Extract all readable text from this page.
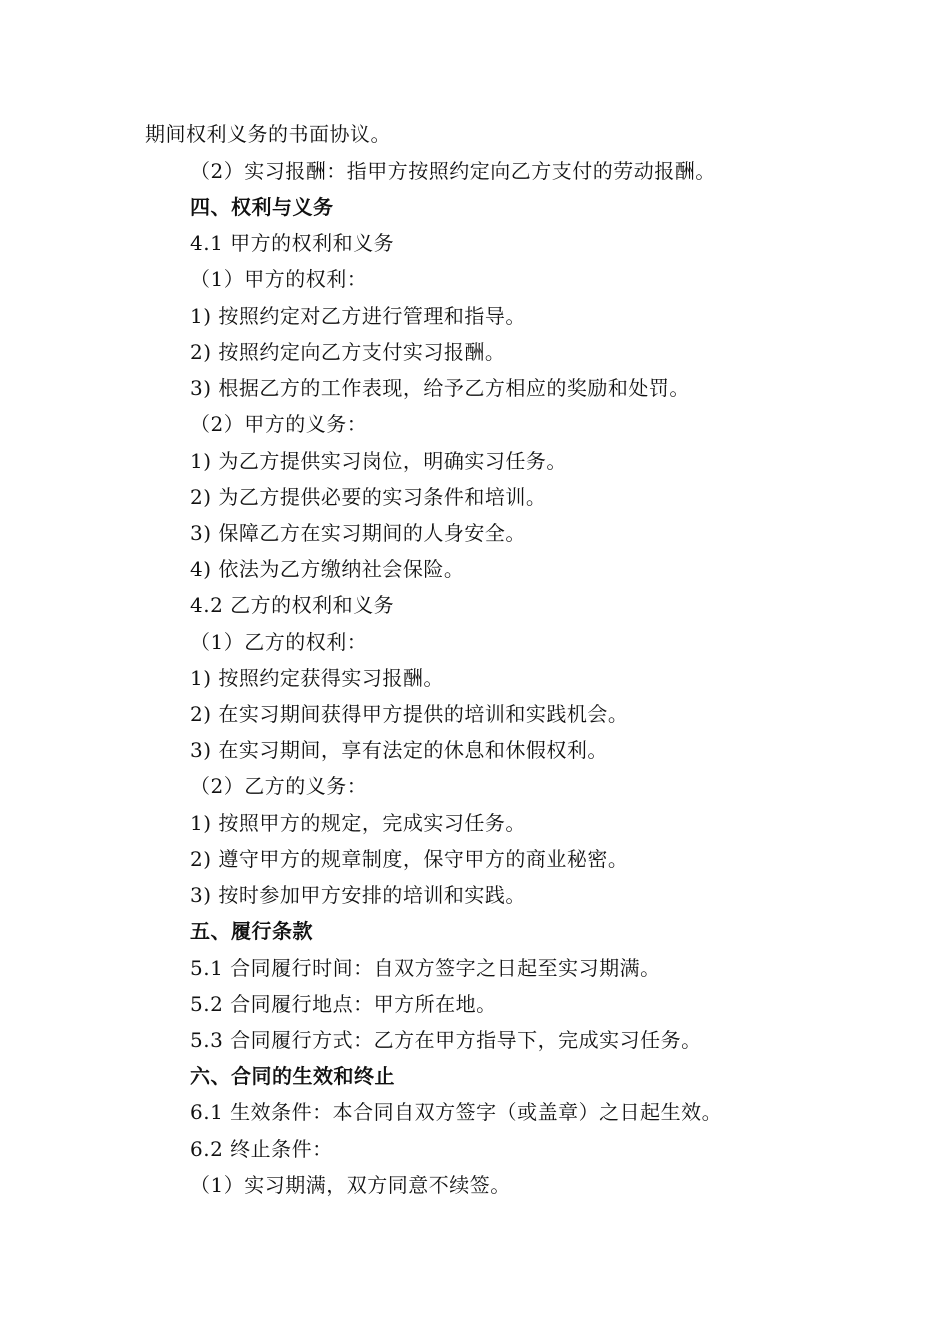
期间权利义务的书面协议。
（2）实习报酬：指甲方按照约定向乙方支付的劳动报酬。
四、权利与义务
4.1 甲方的权利和义务
（1）甲方的权利：
1) 按照约定对乙方进行管理和指导。
2) 按照约定向乙方支付实习报酬。
3) 根据乙方的工作表现，给予乙方相应的奖励和处罚。
（2）甲方的义务：
1) 为乙方提供实习岗位，明确实习任务。
2) 为乙方提供必要的实习条件和培训。
3) 保障乙方在实习期间的人身安全。
4) 依法为乙方缴纳社会保险。
4.2 乙方的权利和义务
（1）乙方的权利：
1) 按照约定获得实习报酬。
2) 在实习期间获得甲方提供的培训和实践机会。
3) 在实习期间，享有法定的休息和休假权利。
（2）乙方的义务：
1) 按照甲方的规定，完成实习任务。
2) 遵守甲方的规章制度，保守甲方的商业秘密。
3) 按时参加甲方安排的培训和实践。
五、履行条款
5.1 合同履行时间：自双方签字之日起至实习期满。
5.2 合同履行地点：甲方所在地。
5.3 合同履行方式：乙方在甲方指导下，完成实习任务。
六、合同的生效和终止
6.1 生效条件：本合同自双方签字（或盖章）之日起生效。
6.2 终止条件：
（1）实习期满，双方同意不续签。
